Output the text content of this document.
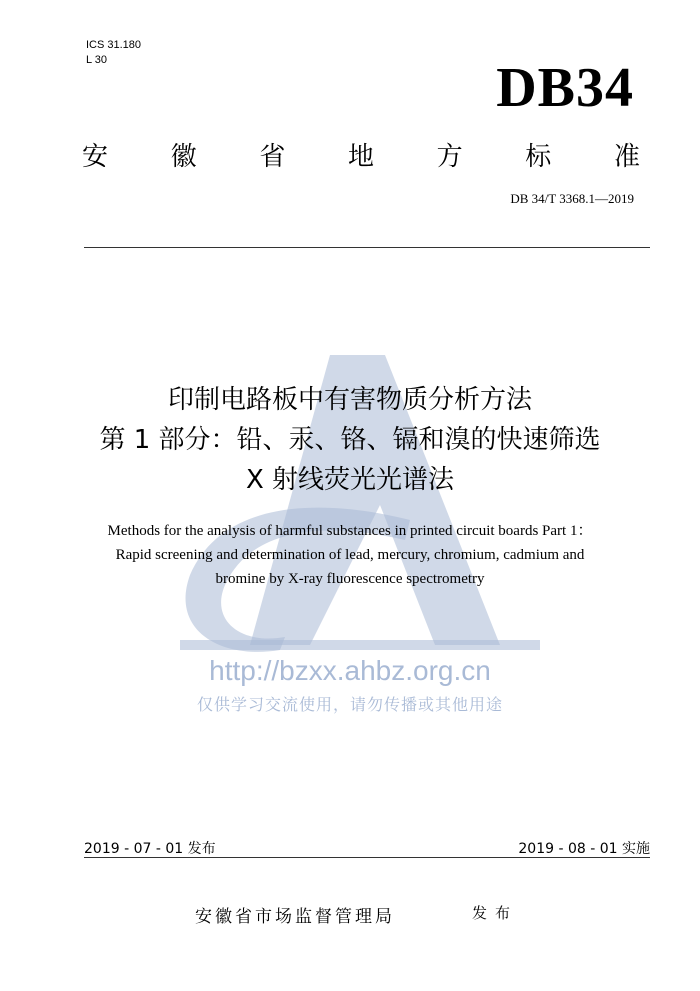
ICS 31.180
L 30	DB34
安 徽 省 地 方 标 准
DB 34/T 3368.1—2019
http://bzxx.ahbz.org.cn
仅供学习交流使用，请勿传播或其他用途
印制电路板中有害物质分析方法
第 1 部分：铅、汞、铬、镉和溴的快速筛选
X 射线荧光光谱法
Methods for the analysis of harmful substances in printed circuit boards Part 1：
Rapid screening and determination of lead, mercury, chromium, cadmium and
bromine by X-ray fluorescence spectrometry
2019 - 07 - 01 发布	2019 - 08 - 01 实施
安徽省市场监督管理局	发布
